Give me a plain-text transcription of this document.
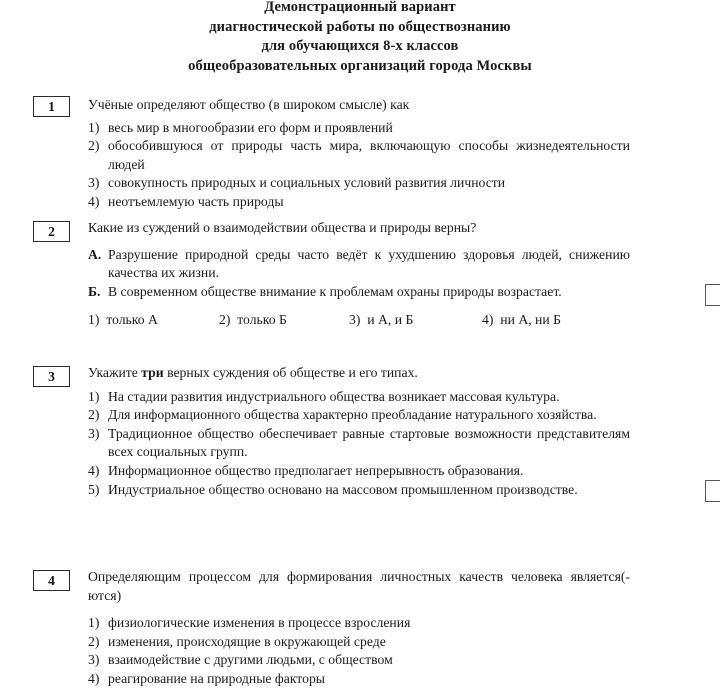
Демонстрационный вариант
диагностической работы по обществознанию
для обучающихся 8-х классов
общеобразовательных организаций города Москвы
1	Учёные определяют общество (в широком смысле) как

1) весь мир в многообразии его форм и проявлений
2) обособившуюся от природы часть мира, включающую способы жизнедеятельности людей
3) совокупность природных и социальных условий развития личности
4) неотъемлемую часть природы
2	Какие из суждений о взаимодействии общества и природы верны?

А. Разрушение природной среды часто ведёт к ухудшению здоровья людей, снижению качества их жизни.
Б. В современном обществе внимание к проблемам охраны природы возрастает.
1) только А	2) только Б	3) и А, и Б	4) ни А, ни Б
3	Укажите три верных суждения об обществе и его типах.

1) На стадии развития индустриального общества возникает массовая культура.
2) Для информационного общества характерно преобладание натурального хозяйства.
3) Традиционное общество обеспечивает равные стартовые возможности представителям всех социальных групп.
4) Информационное общество предполагает непрерывность образования.
5) Индустриальное общество основано на массовом промышленном производстве.
4	Определяющим процессом для формирования личностных качеств человека является(-ются)

1) физиологические изменения в процессе взросления
2) изменения, происходящие в окружающей среде
3) взаимодействие с другими людьми, с обществом
4) реагирование на природные факторы
